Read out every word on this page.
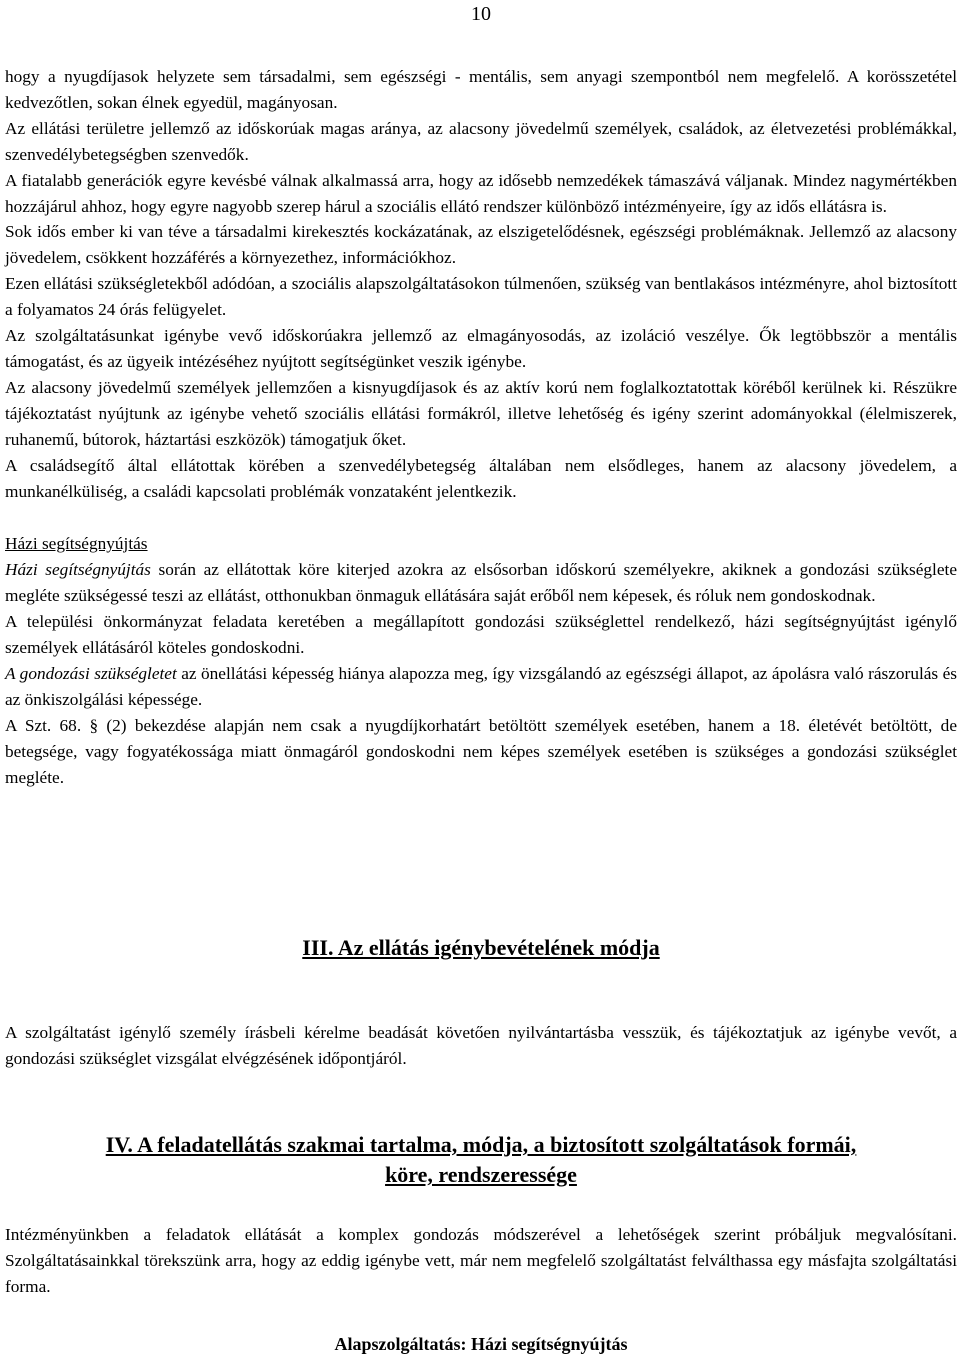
10

hogy a nyugdíjasok helyzete sem társadalmi, sem egészségi - mentális, sem anyagi szempontból nem megfelelő. A korösszetétel kedvezőtlen, sokan élnek egyedül, magányosan.

Az ellátási területre jellemző az időskorúak magas aránya, az alacsony jövedelmű személyek, családok, az életvezetési problémákkal, szenvedélybetegségben szenvedők.

A fiatalabb generációk egyre kevésbé válnak alkalmassá arra, hogy az idősebb nemzedékek támaszává váljanak. Mindez nagymértékben hozzájárul ahhoz, hogy egyre nagyobb szerep hárul a szociális ellátó rendszer különböző intézményeire, így az idős ellátásra is.

Sok idős ember ki van téve a társadalmi kirekesztés kockázatának, az elszigetelődésnek, egészségi problémáknak. Jellemző az alacsony jövedelem, csökkent hozzáférés a környezethez, információkhoz.

Ezen ellátási szükségletekből adódóan, a szociális alapszolgáltatásokon túlmenően, szükség van bentlakásos intézményre, ahol biztosított a folyamatos 24 órás felügyelet.

Az szolgáltatásunkat igénybe vevő időskorúakra jellemző az elmagányosodás, az izoláció veszélye. Ők legtöbbször a mentális támogatást, és az ügyeik intézéséhez nyújtott segítségünket veszik igénybe.

Az alacsony jövedelmű személyek jellemzően a kisnyugdíjasok és az aktív korú nem foglalkoztatottak köréből kerülnek ki. Részükre tájékoztatást nyújtunk az igénybe vehető szociális ellátási formákról, illetve lehetőség és igény szerint adományokkal (élelmiszerek, ruhanemű, bútorok, háztartási eszközök) támogatjuk őket.

A családsegítő által ellátottak körében a szenvedélybetegség általában nem elsődleges, hanem az alacsony jövedelem, a munkanélküliség, a családi kapcsolati problémák vonzataként jelentkezik.

Házi segítségnyújtás

Házi segítségnyújtás során az ellátottak köre kiterjed azokra az elsősorban időskorú személyekre, akiknek a gondozási szükséglete megléte szükségessé teszi az ellátást, otthonukban önmaguk ellátására saját erőből nem képesek, és róluk nem gondoskodnak.

A települési önkormányzat feladata keretében a megállapított gondozási szükséglettel rendelkező, házi segítségnyújtást igénylő személyek ellátásáról köteles gondoskodni.

A gondozási szükségletet az önellátási képesség hiánya alapozza meg, így vizsgálandó az egészségi állapot, az ápolásra való rászorulás és az önkiszolgálási képessége.

A Szt. 68. § (2) bekezdése alapján nem csak a nyugdíjkorhatárt betöltött személyek esetében, hanem a 18. életévét betöltött, de betegsége, vagy fogyatékossága miatt önmagáról gondoskodni nem képes személyek esetében is szükséges a gondozási szükséglet megléte.

III. Az ellátás igénybevételének módja

A szolgáltatást igénylő személy írásbeli kérelme beadását követően nyilvántartásba vesszük, és tájékoztatjuk az igénybe vevőt, a gondozási szükséglet vizsgálat elvégzésének időpontjáról.

IV. A feladatellátás szakmai tartalma, módja, a biztosított szolgáltatások formái,
köre, rendszeressége

Intézményünkben a feladatok ellátását a komplex gondozás módszerével a lehetőségek szerint próbáljuk megvalósítani. Szolgáltatásainkkal törekszünk arra, hogy az eddig igénybe vett, már nem megfelelő szolgáltatást felválthassa egy másfajta szolgáltatási forma.

Alapszolgáltatás: Házi segítségnyújtás
